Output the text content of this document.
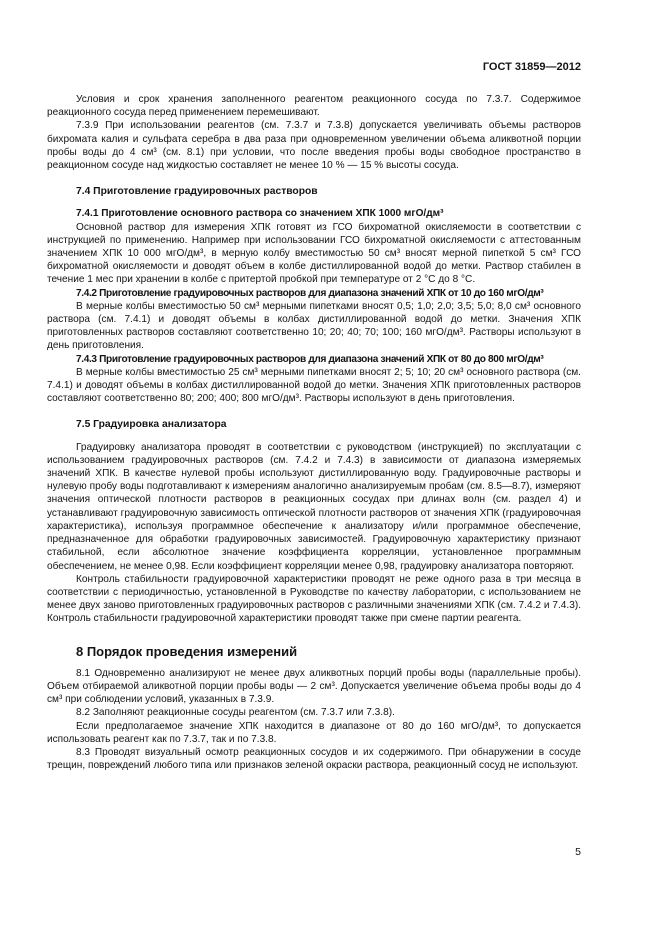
ГОСТ 31859—2012

Условия и срок хранения заполненного реагентом реакционного сосуда по 7.3.7. Содержимое реакционного сосуда перед применением перемешивают.

7.3.9 При использовании реагентов (см. 7.3.7 и 7.3.8) допускается увеличивать объемы растворов бихромата калия и сульфата серебра в два раза при одновременном увеличении объема аликвотной порции пробы воды до 4 см³ (см. 8.1) при условии, что после введения пробы воды свободное пространство в реакционном сосуде над жидкостью составляет не менее 10 % — 15 % высоты сосуда.

7.4 Приготовление градуировочных растворов
7.4.1 Приготовление основного раствора со значением ХПК 1000 мгО/дм³

Основной раствор для измерения ХПК готовят из ГСО бихроматной окисляемости в соответствии с инструкцией по применению. Например при использовании ГСО бихроматной окисляемости с аттестованным значением ХПК 10 000 мгО/дм³, в мерную колбу вместимостью 50 см³ вносят мерной пипеткой 5 см³ ГСО бихроматной окисляемости и доводят объем в колбе дистиллированной водой до метки. Раствор стабилен в течение 1 мес при хранении в колбе с притертой пробкой при температуре от 2 °С до 8 °С.

7.4.2 Приготовление градуировочных растворов для диапазона значений ХПК от 10 до 160 мгО/дм³

В мерные колбы вместимостью 50 см³ мерными пипетками вносят 0,5; 1,0; 2,0; 3,5; 5,0; 8,0 см³ основного раствора (см. 7.4.1) и доводят объемы в колбах дистиллированной водой до метки. Значения ХПК приготовленных растворов составляют соответственно 10; 20; 40; 70; 100; 160 мгО/дм³. Растворы используют в день приготовления.

7.4.3 Приготовление градуировочных растворов для диапазона значений ХПК от 80 до 800 мгО/дм³

В мерные колбы вместимостью 25 см³ мерными пипетками вносят 2; 5; 10; 20 см³ основного раствора (см. 7.4.1) и доводят объемы в колбах дистиллированной водой до метки. Значения ХПК приготовленных растворов составляют соответственно 80; 200; 400; 800 мгО/дм³. Растворы используют в день приготовления.

7.5 Градуировка анализатора

Градуировку анализатора проводят в соответствии с руководством (инструкцией) по эксплуатации с использованием градуировочных растворов (см. 7.4.2 и 7.4.3) в зависимости от диапазона измеряемых значений ХПК. В качестве нулевой пробы используют дистиллированную воду. Градуировочные растворы и нулевую пробу воды подготавливают к измерениям аналогично анализируемым пробам (см. 8.5—8.7), измеряют значения оптической плотности растворов в реакционных сосудах при длинах волн (см. раздел 4) и устанавливают градуировочную зависимость оптической плотности растворов от значения ХПК (градуировочная характеристика), используя программное обеспечение к анализатору и/или программное обеспечение, предназначенное для обработки градуировочных зависимостей. Градуировочную характеристику признают стабильной, если абсолютное значение коэффициента корреляции, установленное программным обеспечением, не менее 0,98. Если коэффициент корреляции менее 0,98, градуировку анализатора повторяют.

Контроль стабильности градуировочной характеристики проводят не реже одного раза в три месяца в соответствии с периодичностью, установленной в Руководстве по качеству лаборатории, с использованием не менее двух заново приготовленных градуировочных растворов с различными значениями ХПК (см. 7.4.2 и 7.4.3). Контроль стабильности градуировочной характеристики проводят также при смене партии реагента.

8 Порядок проведения измерений

8.1 Одновременно анализируют не менее двух аликвотных порций пробы воды (параллельные пробы). Объем отбираемой аликвотной порции пробы воды — 2 см³. Допускается увеличение объема пробы воды до 4 см³ при соблюдении условий, указанных в 7.3.9.

8.2 Заполняют реакционные сосуды реагентом (см. 7.3.7 или 7.3.8).

Если предполагаемое значение ХПК находится в диапазоне от 80 до 160 мгО/дм³, то допускается использовать реагент как по 7.3.7, так и по 7.3.8.

8.3 Проводят визуальный осмотр реакционных сосудов и их содержимого. При обнаружении в сосуде трещин, повреждений любого типа или признаков зеленой окраски раствора, реакционный сосуд не используют.

5
